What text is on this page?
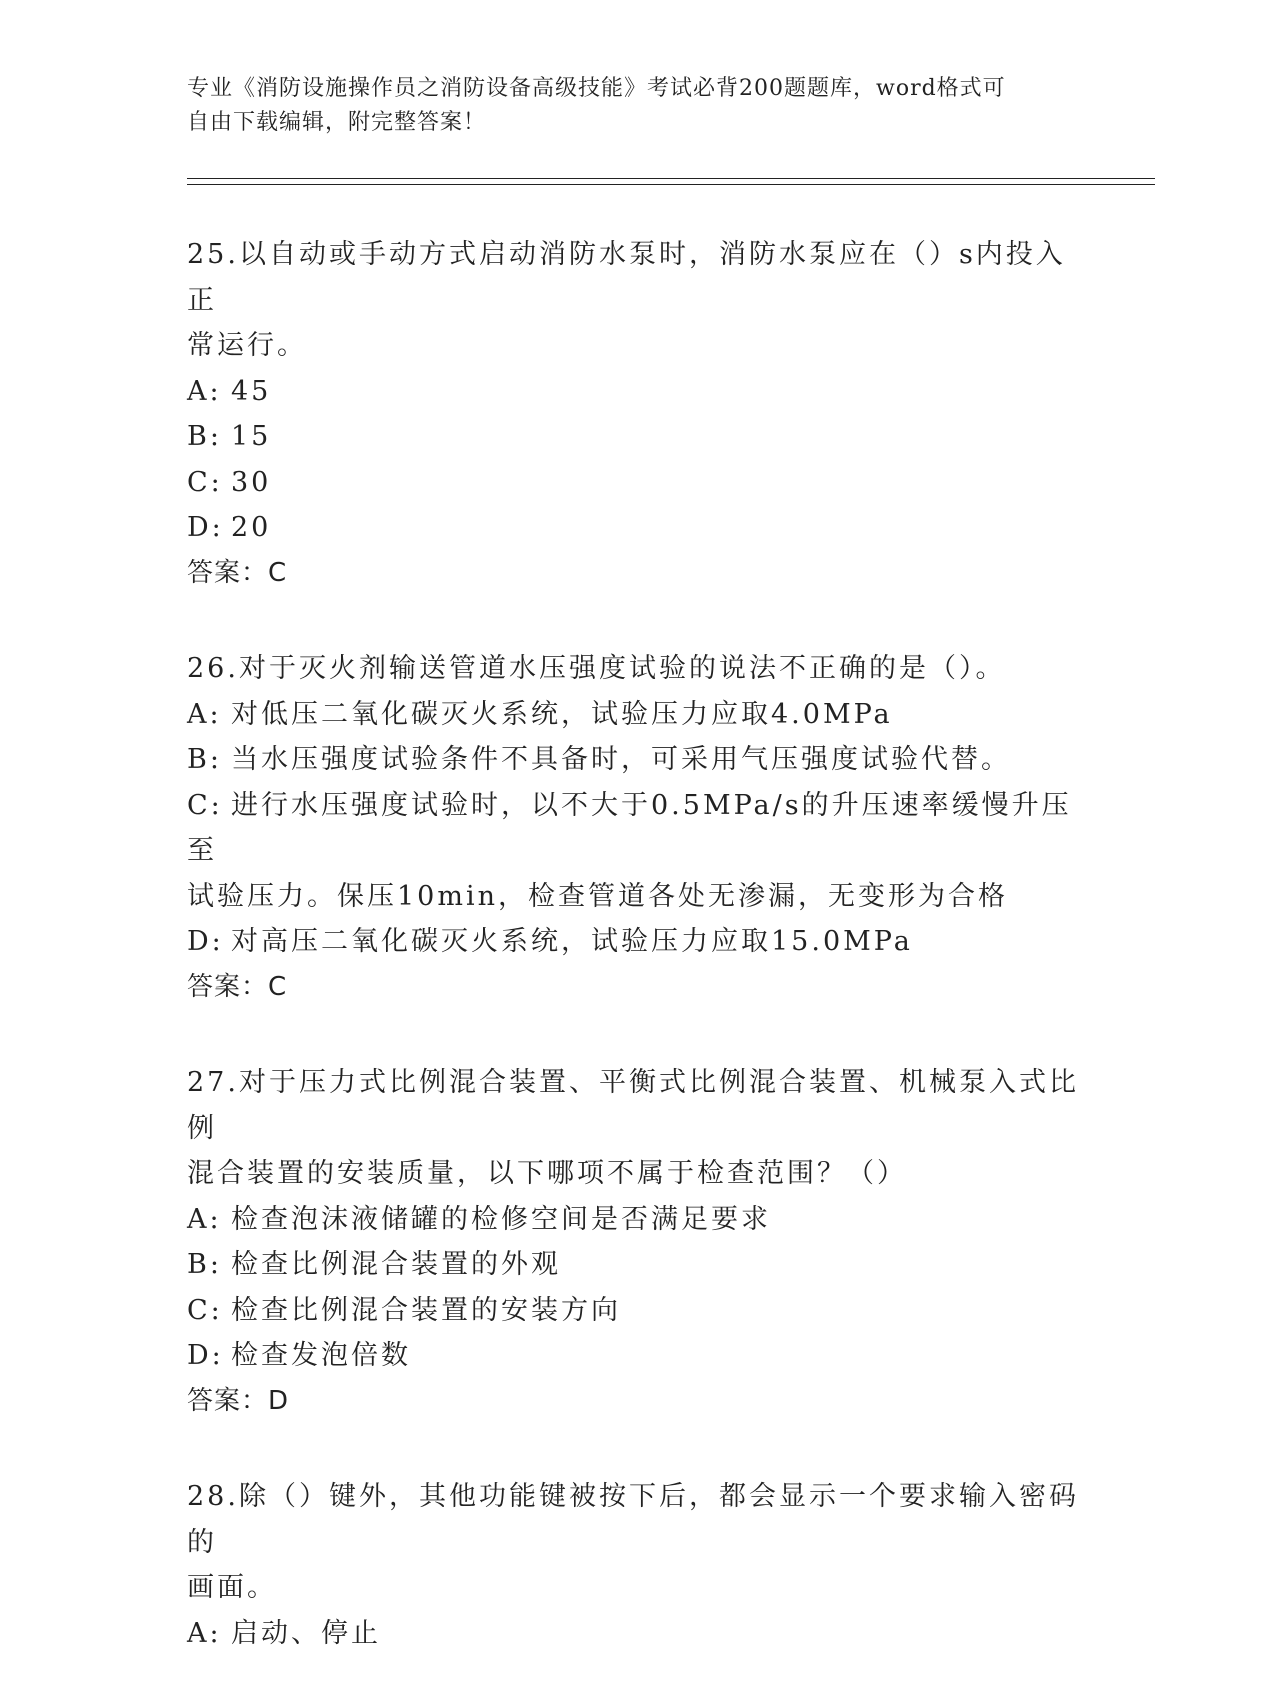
专业《消防设施操作员之消防设备高级技能》考试必背200题题库，word格式可
自由下载编辑，附完整答案！

25.以自动或手动方式启动消防水泵时，消防水泵应在（）s内投入正

常运行。

A: 45

B: 15

C: 30

D: 20

答案：C

26.对于灭火剂输送管道水压强度试验的说法不正确的是（）。

A: 对低压二氧化碳灭火系统，试验压力应取4.0MPa

B: 当水压强度试验条件不具备时，可采用气压强度试验代替。

C: 进行水压强度试验时，以不大于0.5MPa/s的升压速率缓慢升压至

试验压力。保压10min，检查管道各处无渗漏，无变形为合格

D: 对高压二氧化碳灭火系统，试验压力应取15.0MPa

答案：C

27.对于压力式比例混合装置、平衡式比例混合装置、机械泵入式比例

混合装置的安装质量，以下哪项不属于检查范围？（）

A: 检查泡沫液储罐的检修空间是否满足要求

B: 检查比例混合装置的外观

C: 检查比例混合装置的安装方向

D: 检查发泡倍数

答案：D

28.除（）键外，其他功能键被按下后，都会显示一个要求输入密码的

画面。

A: 启动、停止
